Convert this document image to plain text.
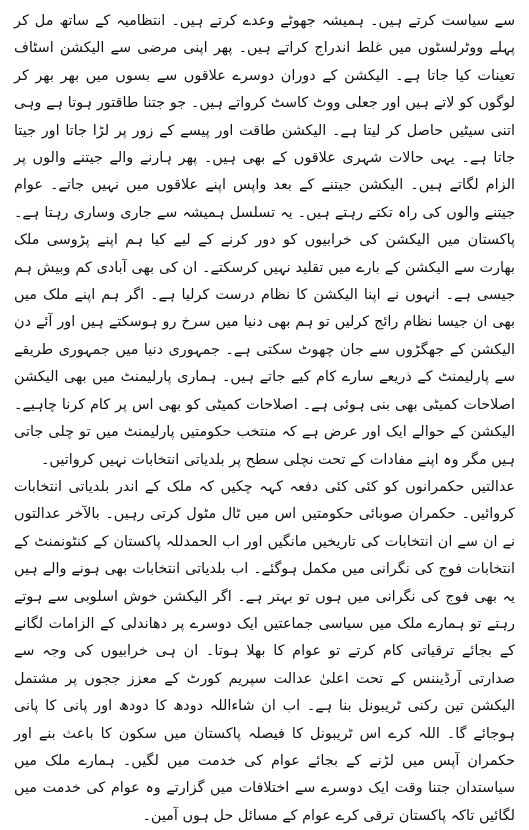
سے سیاست کرتے ہیں۔ ہمیشہ جھوٹے وعدے کرتے ہیں۔ انتظامیہ کے ساتھ مل کر پہلے ووٹرلسٹوں میں غلط اندراج کراتے ہیں۔ پھر اپنی مرضی سے الیکشن اسٹاف تعینات کیا جاتا ہے۔ الیکشن کے دوران دوسرے علاقوں سے بسوں میں بھر بھر کر لوگوں کو لاتے ہیں اور جعلی ووٹ کاسٹ کرواتے ہیں۔ جو جتنا طاقتور ہوتا ہے وہی اتنی سیٹیں حاصل کر لیتا ہے۔ الیکشن طاقت اور پیسے کے زور پر لڑا جاتا اور جیتا جاتا ہے۔ یہی حالات شہری علاقوں کے بھی ہیں۔ پھر ہارنے والے جیتنے والوں پر الزام لگاتے ہیں۔ الیکشن جیتنے کے بعد واپس اپنے علاقوں میں نہیں جاتے۔ عوام جیتنے والوں کی راہ تکتے رہتے ہیں۔ یہ تسلسل ہمیشہ سے جاری وساری رہتا ہے۔ پاکستان میں الیکشن کی خرابیوں کو دور کرنے کے لیے کیا ہم اپنے پڑوسی ملک بھارت سے الیکشن کے بارے میں تقلید نہیں کرسکتے۔ ان کی بھی آبادی کم وبیش ہم جیسی ہے۔ انہوں نے اپنا الیکشن کا نظام درست کرلیا ہے۔ اگر ہم اپنے ملک میں بھی ان جیسا نظام رائج کرلیں تو ہم بھی دنیا میں سرخ رو ہوسکتے ہیں اور آئے دن الیکشن کے جھگڑوں سے جان چھوٹ سکتی ہے۔ جمہوری دنیا میں جمہوری طریقے سے پارلیمنٹ کے ذریعے سارے کام کیے جاتے ہیں۔ ہماری پارلیمنٹ میں بھی الیکشن اصلاحات کمیٹی بھی بنی ہوئی ہے۔ اصلاحات کمیٹی کو بھی اس پر کام کرنا چاہیے۔ الیکشن کے حوالے ایک اور عرض ہے کہ منتخب حکومتیں پارلیمنٹ میں تو چلی جاتی ہیں مگر وہ اپنے مفادات کے تحت نچلی سطح پر بلدیاتی انتخابات نہیں کرواتیں۔

عدالتیں حکمرانوں کو کئی کئی دفعہ کہہ چکیں کہ ملک کے اندر بلدیاتی انتخابات کروائیں۔ حکمران صوبائی حکومتیں اس میں ٹال مٹول کرتی رہیں۔ بالآخر عدالتوں نے ان سے ان انتخابات کی تاریخیں مانگیں اور اب الحمدللہ پاکستان کے کنٹونمنٹ کے انتخابات فوج کی نگرانی میں مکمل ہوگئے۔ اب بلدیاتی انتخابات بھی ہونے والے ہیں یہ بھی فوج کی نگرانی میں ہوں تو بہتر ہے۔ اگر الیکشن خوش اسلوبی سے ہوتے رہتے تو ہمارے ملک میں سیاسی جماعتیں ایک دوسرے پر دھاندلی کے الزامات لگانے کے بجائے ترقیاتی کام کرتے تو عوام کا بھلا ہوتا۔ ان ہی خرابیوں کی وجہ سے صدارتی آرڈیننس کے تحت اعلیٰ عدالت سپریم کورٹ کے معزز ججوں پر مشتمل الیکشن تین رکنی ٹریبونل بنا ہے۔ اب ان شاءاللہ دودھ کا دودھ اور پانی کا پانی ہوجائے گا۔ اللہ کرے اس ٹریبونل کا فیصلہ پاکستان میں سکون کا باعث بنے اور حکمران آپس میں لڑنے کے بجائے عوام کی خدمت میں لگیں۔ ہمارے ملک میں سیاستدان جتنا وقت ایک دوسرے سے اختلافات میں گزارتے وہ عوام کی خدمت میں لگائیں تاکہ پاکستان ترقی کرے عوام کے مسائل حل ہوں آمین۔
